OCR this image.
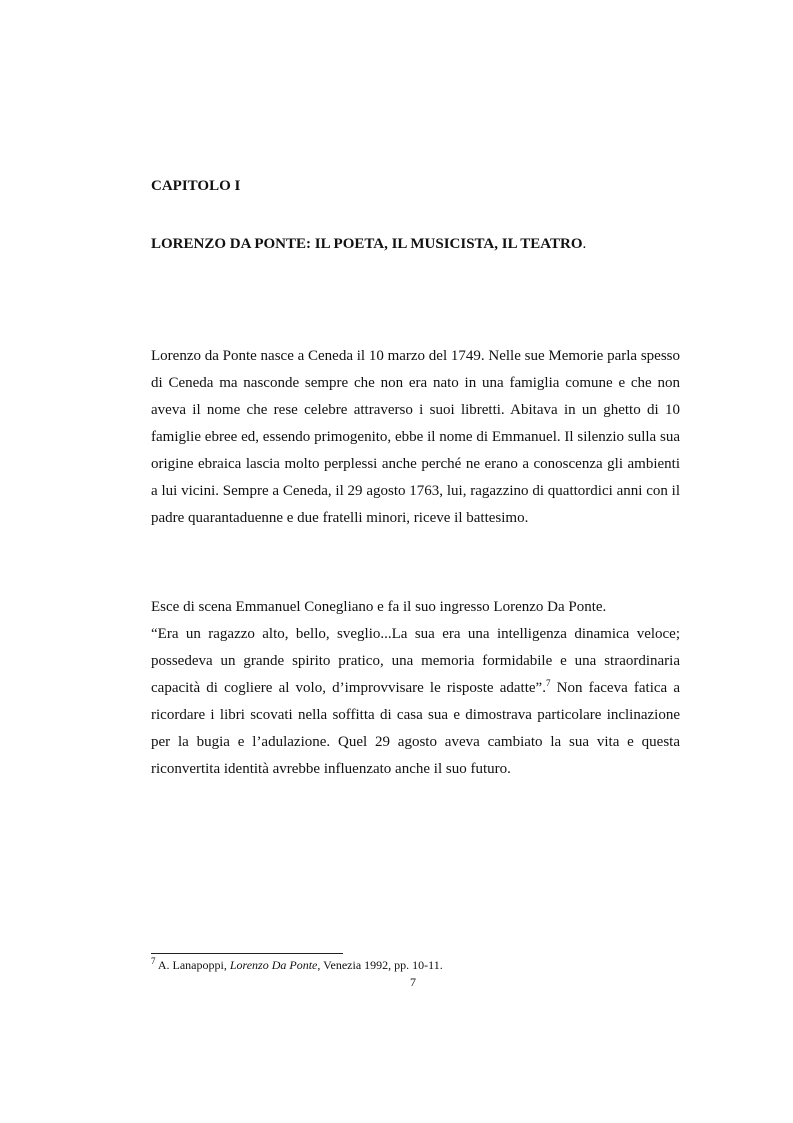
CAPITOLO I

LORENZO DA PONTE: IL POETA, IL MUSICISTA, IL TEATRO.

Lorenzo da Ponte nasce a Ceneda il 10 marzo del 1749. Nelle sue Memorie parla spesso di Ceneda ma nasconde sempre che non era nato in una famiglia comune e che non aveva il nome che rese celebre attraverso i suoi libretti. Abitava in un ghetto di 10 famiglie ebree ed, essendo primogenito, ebbe il nome di Emmanuel. Il silenzio sulla sua origine ebraica lascia molto perplessi anche perché ne erano a conoscenza gli ambienti a lui vicini. Sempre a Ceneda, il 29 agosto 1763, lui, ragazzino di quattordici anni con il padre quarantaduenne e due fratelli minori, riceve il battesimo.

Esce di scena Emmanuel Conegliano e fa il suo ingresso Lorenzo Da Ponte.
“Era un ragazzo alto, bello, sveglio...La sua era una intelligenza dinamica veloce; possedeva un grande spirito pratico, una memoria formidabile e una straordinaria capacità di cogliere al volo, d’improvvisare le risposte adatte”.$^7$ Non faceva fatica a ricordare i libri scovati nella soffitta di casa sua e dimostrava particolare inclinazione per la bugia e l’adulazione. Quel 29 agosto aveva cambiato la sua vita e questa riconvertita identità avrebbe influenzato anche il suo futuro.

$^7$ A. Lanapoppi, Lorenzo Da Ponte, Venezia 1992, pp. 10-11.

7
